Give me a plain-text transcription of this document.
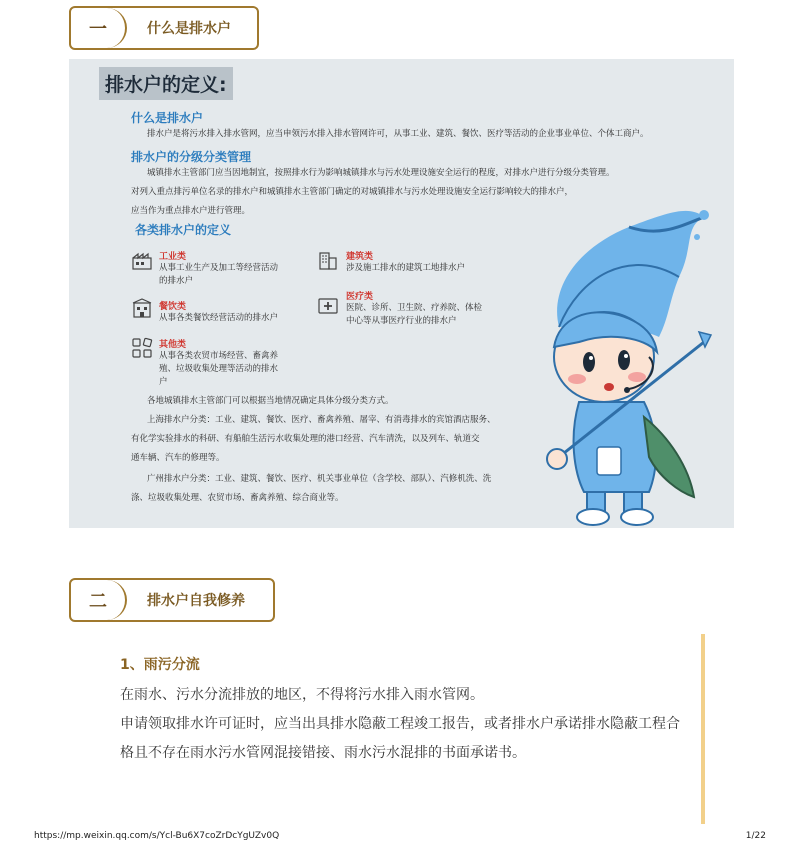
一	什么是排水户
排水户的定义:
什么是排水户
排水户是将污水排入排水管网，应当申领污水排入排水管网许可，从事工业、建筑、餐饮、医疗等活动的企业事业单位、个体工商户。
排水户的分级分类管理
城镇排水主管部门应当因地制宜，按照排水行为影响城镇排水与污水处理设施安全运行的程度，对排水户进行分级分类管理。
对列入重点排污单位名录的排水户和城镇排水主管部门确定的对城镇排水与污水处理设施安全运行影响较大的排水户，
应当作为重点排水户进行管理。
各类排水户的定义
工业类
从事工业生产及加工等经营活动
的排水户
建筑类
涉及施工排水的建筑工地排水户
餐饮类
从事各类餐饮经营活动的排水户
医疗类
医院、诊所、卫生院、疗养院、体检
中心等从事医疗行业的排水户
其他类
从事各类农贸市场经营、畜禽养
殖、垃圾收集处理等活动的排水
户
各地城镇排水主管部门可以根据当地情况确定具体分级分类方式。
上海排水户分类：工业、建筑、餐饮、医疗、畜禽养殖、屠宰、有消毒排水的宾馆酒店服务、
有化学实验排水的科研、有船舶生活污水收集处理的港口经营、汽车清洗，以及列车、轨道交
通车辆、汽车的修理等。
广州排水户分类：工业、建筑、餐饮、医疗、机关事业单位（含学校、部队）、汽修机洗、洗
涤、垃圾收集处理、农贸市场、畜禽养殖、综合商业等。
二	排水户自我修养
1、雨污分流
在雨水、污水分流排放的地区，不得将污水排入雨水管网。
申请领取排水许可证时，应当出具排水隐蔽工程竣工报告，或者排水户承诺排水隐蔽工程合格且不存在雨水污水管网混接错接、雨水污水混排的书面承诺书。
https://mp.weixin.qq.com/s/Ycl-Bu6X7coZrDcYgUZv0Q	1/22
